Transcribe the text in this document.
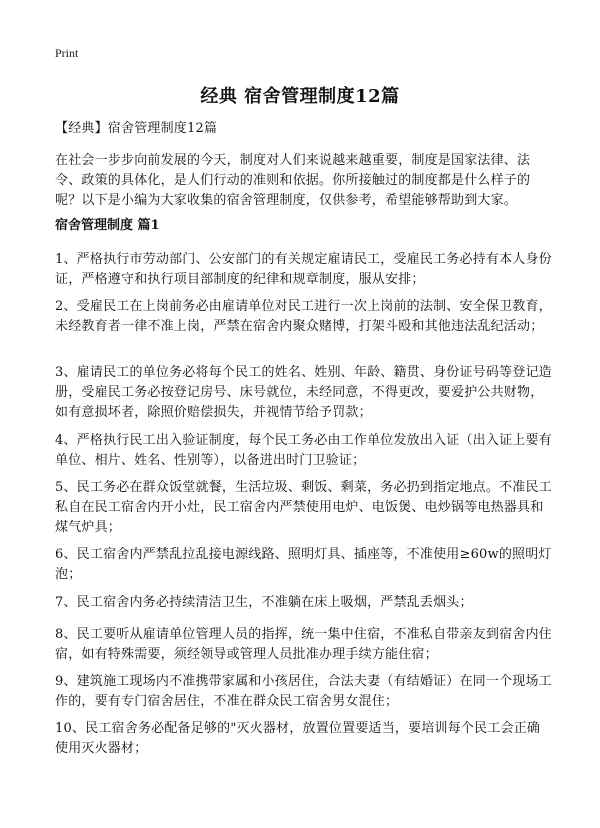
Print
经典 宿舍管理制度12篇

【经典】宿舍管理制度12篇

在社会一步步向前发展的今天，制度对人们来说越来越重要，制度是国家法律、法令、政策的具体化，是人们行动的准则和依据。你所接触过的制度都是什么样子的呢？以下是小编为大家收集的宿舍管理制度，仅供参考，希望能够帮助到大家。

宿舍管理制度 篇1

1、严格执行市劳动部门、公安部门的有关规定雇请民工，受雇民工务必持有本人身份证，严格遵守和执行项目部制度的纪律和规章制度，服从安排；

2、受雇民工在上岗前务必由雇请单位对民工进行一次上岗前的法制、安全保卫教育，未经教育者一律不准上岗，严禁在宿舍内聚众赌博，打架斗殴和其他违法乱纪活动；

3、雇请民工的单位务必将每个民工的姓名、姓别、年龄、籍贯、身份证号码等登记造册，受雇民工务必按登记房号、床号就位，未经同意，不得更改，要爱护公共财物，如有意损坏者，除照价赔偿损失，并视情节给予罚款；

4、严格执行民工出入验证制度，每个民工务必由工作单位发放出入证（出入证上要有单位、相片、姓名、性别等），以备进出时门卫验证；

5、民工务必在群众饭堂就餐，生活垃圾、剩饭、剩菜，务必扔到指定地点。不准民工私自在民工宿舍内开小灶，民工宿舍内严禁使用电炉、电饭煲、电炒锅等电热器具和煤气炉具；

6、民工宿舍内严禁乱拉乱接电源线路、照明灯具、插座等，不准使用≥60w的照明灯泡；

7、民工宿舍内务必持续清洁卫生，不准躺在床上吸烟，严禁乱丢烟头；

8、民工要听从雇请单位管理人员的指挥，统一集中住宿，不准私自带亲友到宿舍内住宿，如有特殊需要，须经领导或管理人员批准办理手续方能住宿；

9、建筑施工现场内不准携带家属和小孩居住，合法夫妻（有结婚证）在同一个现场工作的，要有专门宿舍居住，不准在群众民工宿舍男女混住；

10、民工宿舍务必配备足够的"灭火器材，放置位置要适当，要培训每个民工会正确使用灭火器材；
